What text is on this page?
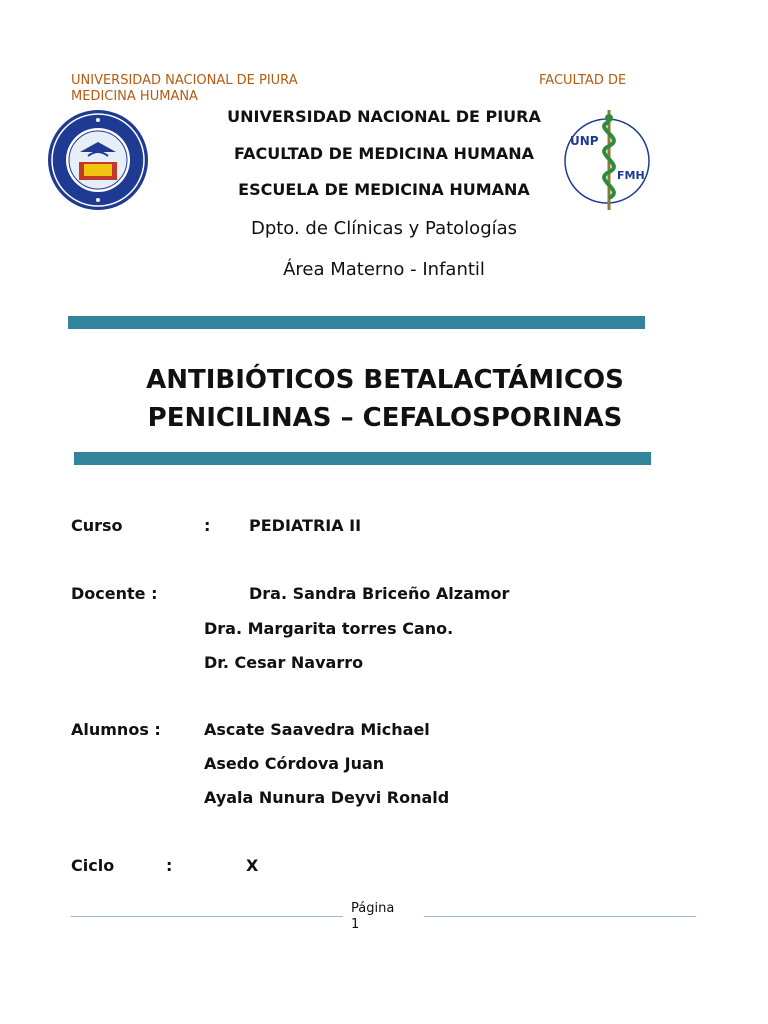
UNIVERSIDAD NACIONAL DE PIURA	FACULTAD DE
MEDICINA HUMANA
UNP
FMH
UNIVERSIDAD NACIONAL DE PIURA
FACULTAD DE MEDICINA HUMANA
ESCUELA DE MEDICINA HUMANA
Dpto. de Clínicas y Patologías
Área Materno - Infantil
ANTIBIÓTICOS BETALACTÁMICOS
PENICILINAS – CEFALOSPORINAS
Curso	: PEDIATRIA II
Docente :	Dra. Sandra Briceño Alzamor
Dra. Margarita torres Cano.
Dr. Cesar Navarro
Alumnos :	Ascate Saavedra Michael
Asedo Córdova Juan
Ayala Nunura Deyvi Ronald
Ciclo	:	X
Página
1
